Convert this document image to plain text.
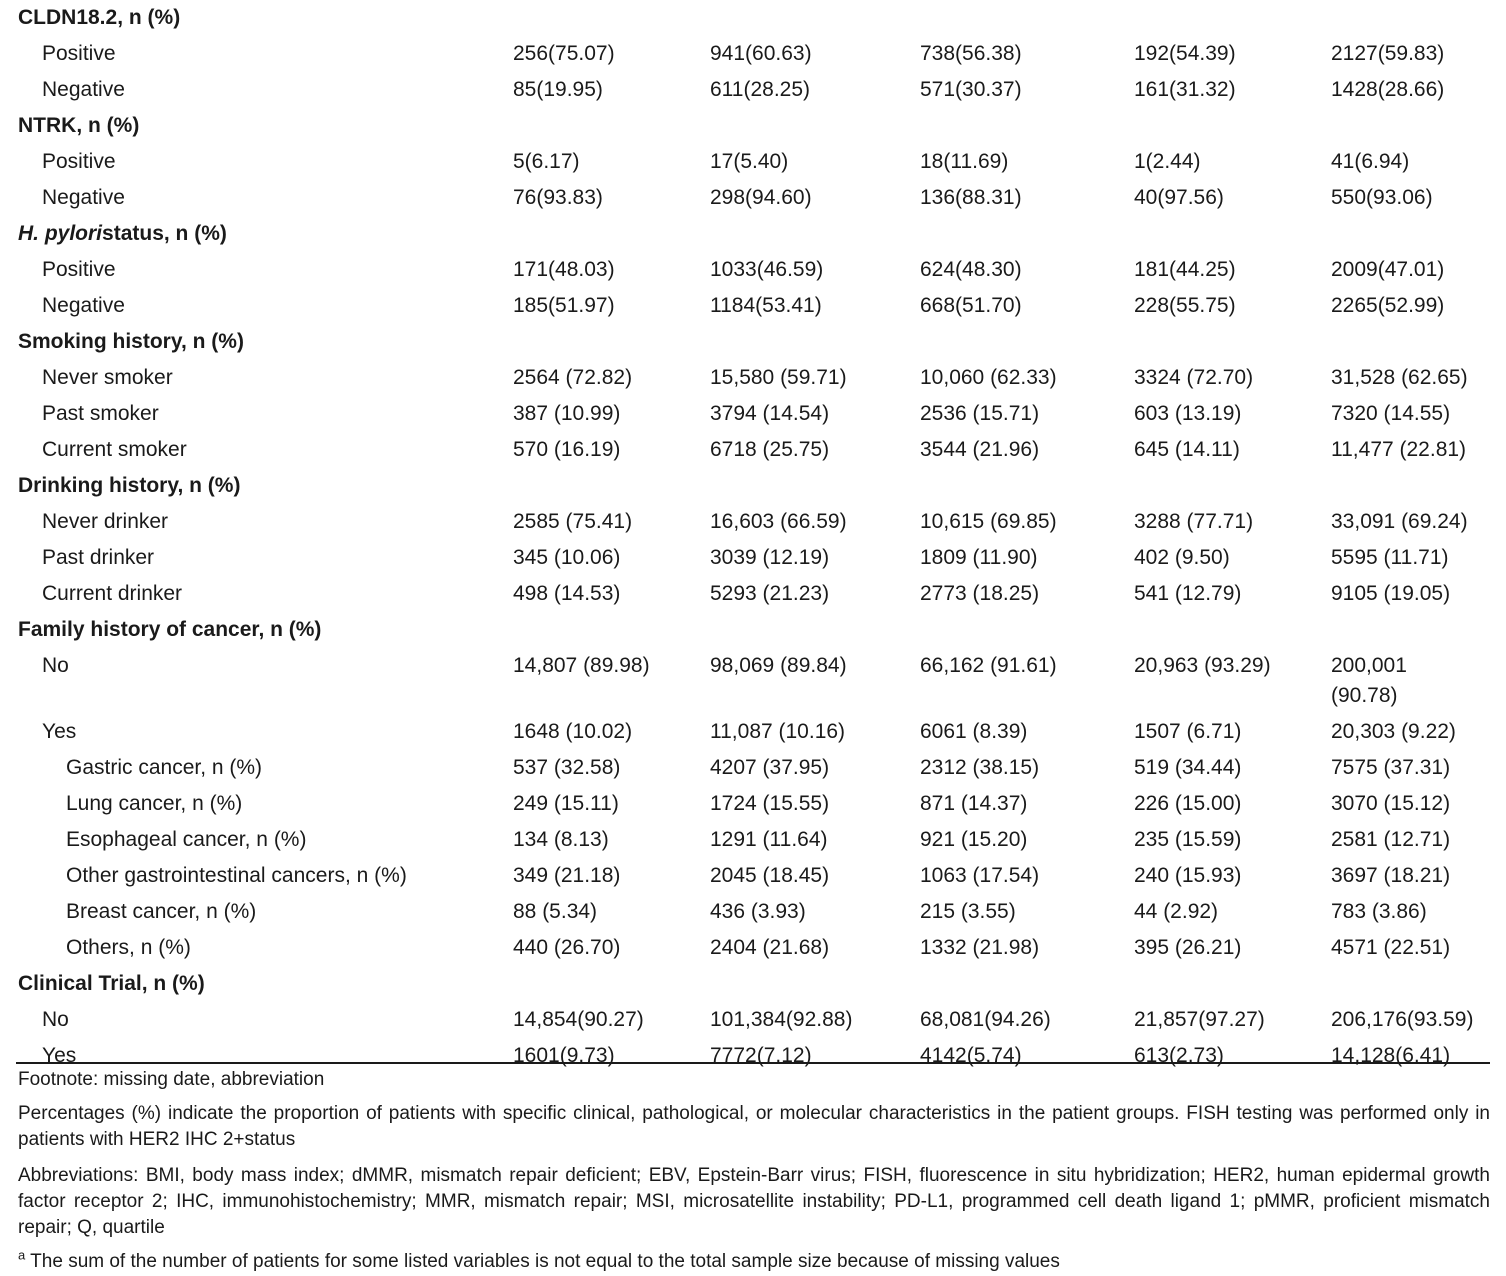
CLDN18.2, n (%)
Positive	256(75.07)	941(60.63)	738(56.38)	192(54.39)	2127(59.83)
Negative	85(19.95)	611(28.25)	571(30.37)	161(31.32)	1428(28.66)
NTRK, n (%)
Positive	5(6.17)	17(5.40)	18(11.69)	1(2.44)	41(6.94)
Negative	76(93.83)	298(94.60)	136(88.31)	40(97.56)	550(93.06)
H. pyloristatus, n (%)
Positive	171(48.03)	1033(46.59)	624(48.30)	181(44.25)	2009(47.01)
Negative	185(51.97)	1184(53.41)	668(51.70)	228(55.75)	2265(52.99)
Smoking history, n (%)
Never smoker	2564 (72.82)	15,580 (59.71)	10,060 (62.33)	3324 (72.70)	31,528 (62.65)
Past smoker	387 (10.99)	3794 (14.54)	2536 (15.71)	603 (13.19)	7320 (14.55)
Current smoker	570 (16.19)	6718 (25.75)	3544 (21.96)	645 (14.11)	11,477 (22.81)
Drinking history, n (%)
Never drinker	2585 (75.41)	16,603 (66.59)	10,615 (69.85)	3288 (77.71)	33,091 (69.24)
Past drinker	345 (10.06)	3039 (12.19)	1809 (11.90)	402 (9.50)	5595 (11.71)
Current drinker	498 (14.53)	5293 (21.23)	2773 (18.25)	541 (12.79)	9105 (19.05)
Family history of cancer, n (%)
No	14,807 (89.98)	98,069 (89.84)	66,162 (91.61)	20,963 (93.29)	200,001 (90.78)
Yes	1648 (10.02)	11,087 (10.16)	6061 (8.39)	1507 (6.71)	20,303 (9.22)
Gastric cancer, n (%)	537 (32.58)	4207 (37.95)	2312 (38.15)	519 (34.44)	7575 (37.31)
Lung cancer, n (%)	249 (15.11)	1724 (15.55)	871 (14.37)	226 (15.00)	3070 (15.12)
Esophageal cancer, n (%)	134 (8.13)	1291 (11.64)	921 (15.20)	235 (15.59)	2581 (12.71)
Other gastrointestinal cancers, n (%)	349 (21.18)	2045 (18.45)	1063 (17.54)	240 (15.93)	3697 (18.21)
Breast cancer, n (%)	88 (5.34)	436 (3.93)	215 (3.55)	44 (2.92)	783 (3.86)
Others, n (%)	440 (26.70)	2404 (21.68)	1332 (21.98)	395 (26.21)	4571 (22.51)
Clinical Trial, n (%)
No	14,854(90.27)	101,384(92.88)	68,081(94.26)	21,857(97.27)	206,176(93.59)
Yes	1601(9.73)	7772(7.12)	4142(5.74)	613(2.73)	14,128(6.41)
Footnote: missing date, abbreviation
Percentages (%) indicate the proportion of patients with specific clinical, pathological, or molecular characteristics in the patient groups. FISH testing was performed only in patients with HER2 IHC 2+status
Abbreviations: BMI, body mass index; dMMR, mismatch repair deficient; EBV, Epstein-Barr virus; FISH, fluorescence in situ hybridization; HER2, human epidermal growth factor receptor 2; IHC, immunohistochemistry; MMR, mismatch repair; MSI, microsatellite instability; PD-L1, programmed cell death ligand 1; pMMR, proficient mismatch repair; Q, quartile
$^a$ The sum of the number of patients for some listed variables is not equal to the total sample size because of missing values
